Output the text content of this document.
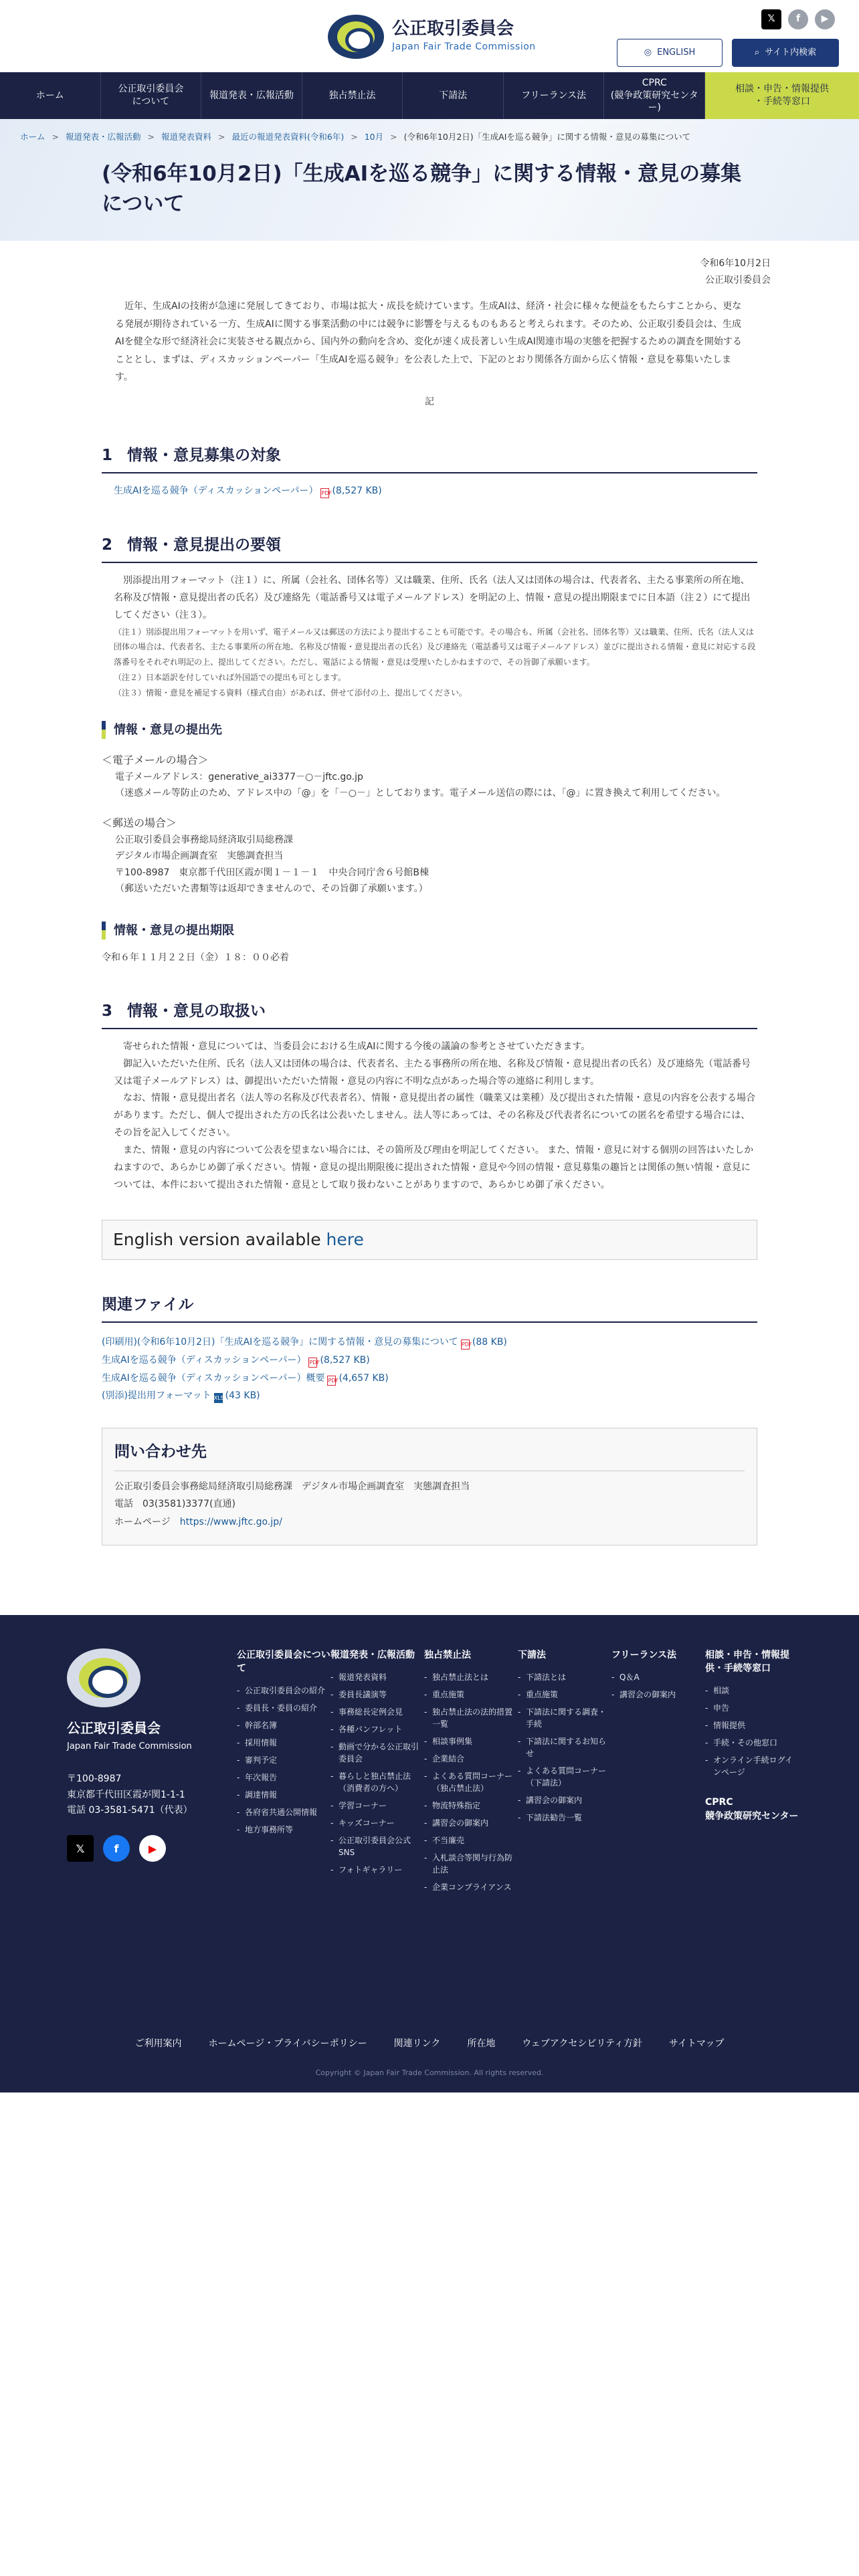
公正取引委員会
Japan Fair Trade Commission
𝕏	f	▶
◎ ENGLISH	⌕ サイト内検索
ホーム
公正取引委員会
について
報道発表・広報活動	独占禁止法	下請法	フリーランス法
CPRC
(競争政策研究センター)
相談・申告・情報提供
・手続等窓口
ホーム > 報道発表・広報活動 > 報道発表資料 > 最近の報道発表資料(令和6年) > 10月 > (令和6年10月2日)「生成AIを巡る競争」に関する情報・意見の募集について
(令和6年10月2日)「生成AIを巡る競争」に関する情報・意見の募集について
令和6年10月2日
公正取引委員会

近年、生成AIの技術が急速に発展してきており、市場は拡大・成長を続けています。生成AIは、経済・社会に様々な便益をもたらすことから、更なる発展が期待されている一方、生成AIに関する事業活動の中には競争に影響を与えるものもあると考えられます。そのため、公正取引委員会は、生成AIを健全な形で経済社会に実装させる観点から、国内外の動向を含め、変化が速く成長著しい生成AI関連市場の実態を把握するための調査を開始することとし、まずは、ディスカッションペーパー「生成AIを巡る競争」を公表した上で、下記のとおり関係各方面から広く情報・意見を募集いたします。

記
1 情報・意見募集の対象
生成AIを巡る競争（ディスカッションペーパー） PDF(8,527 KB)
2 情報・意見提出の要領

別添提出用フォーマット（注１）に、所属（会社名、団体名等）又は職業、住所、氏名（法人又は団体の場合は、代表者名、主たる事業所の所在地、名称及び情報・意見提出者の氏名）及び連絡先（電話番号又は電子メールアドレス）を明記の上、情報・意見の提出期限までに日本語（注２）にて提出してください（注３）。

（注１）別添提出用フォーマットを用いず、電子メール又は郵送の方法により提出することも可能です。その場合も、所属（会社名、団体名等）又は職業、住所、氏名（法人又は団体の場合は、代表者名、主たる事業所の所在地、名称及び情報・意見提出者の氏名）及び連絡先（電話番号又は電子メールアドレス）並びに提出される情報・意見に対応する段落番号をそれぞれ明記の上、提出してください。ただし、電話による情報・意見は受理いたしかねますので、その旨御了承願います。

（注２）日本語訳を付していれば外国語での提出も可とします。

（注３）情報・意見を補足する資料（様式自由）があれば、併せて添付の上、提出してください。

情報・意見の提出先
＜電子メールの場合＞

電子メールアドレス：generative_ai3377－○－jftc.go.jp

（迷惑メール等防止のため、アドレス中の「@」を「－○－」としております。電子メール送信の際には、「@」に置き換えて利用してください。

＜郵送の場合＞

公正取引委員会事務総局経済取引局総務課

デジタル市場企画調査室　実態調査担当

〒100-8987　東京都千代田区霞が関１－１－１　中央合同庁舎６号館B棟

（郵送いただいた書類等は返却できませんので、その旨御了承願います。）

情報・意見の提出期限

令和６年１１月２２日（金）１８：００必着

3 情報・意見の取扱い

寄せられた情報・意見については、当委員会における生成AIに関する今後の議論の参考とさせていただきます。

御記入いただいた住所、氏名（法人又は団体の場合は、代表者名、主たる事務所の所在地、名称及び情報・意見提出者の氏名）及び連絡先（電話番号又は電子メールアドレス）は、御提出いただいた情報・意見の内容に不明な点があった場合等の連絡に利用します。

なお、情報・意見提出者名（法人等の名称及び代表者名）、情報・意見提出者の属性（職業又は業種）及び提出された情報・意見の内容を公表する場合があります。ただし、個人で提出された方の氏名は公表いたしません。法人等にあっては、その名称及び代表者名についての匿名を希望する場合には、その旨を記入してください。

また、情報・意見の内容について公表を望まない場合には、その箇所及び理由を明記してください。 また、情報・意見に対する個別の回答はいたしかねますので、あらかじめ御了承ください。情報・意見の提出期限後に提出された情報・意見や今回の情報・意見募集の趣旨とは関係の無い情報・意見については、本件において提出された情報・意見として取り扱わないことがありますので、あらかじめ御了承ください。

English version available here
関連ファイル
(印刷用)(令和6年10月2日)「生成AIを巡る競争」に関する情報・意見の募集について PDF(88 KB)
生成AIを巡る競争（ディスカッションペーパー） PDF(8,527 KB)
生成AIを巡る競争（ディスカッションペーパー）概要 PDF(4,657 KB)
(別添)提出用フォーマット XLS (43 KB)
問い合わせ先

公正取引委員会事務総局経済取引局総務課　デジタル市場企画調査室　実態調査担当

電話　03(3581)3377(直通)

ホームページ　https://www.jftc.go.jp/

公正取引委員会
Japan Fair Trade Commission
〒100-8987
東京都千代田区霞が関1-1-1
電話 03-3581-5471（代表）
𝕏	f	▶
公正取引委員会について
- 公正取引委員会の紹介
- 委員長・委員の紹介
- 幹部名簿
- 採用情報
- 審判予定
- 年次報告
- 調達情報
- 各府省共通公開情報
- 地方事務所等
報道発表・広報活動
- 報道発表資料
- 委員長議演等
- 事務総長定例会見
- 各種パンフレット
- 動画で分かる公正取引委員会
- 暮らしと独占禁止法（消費者の方へ）
- 学習コーナー
- キッズコーナー
- 公正取引委員会公式SNS
- フォトギャラリー
独占禁止法
- 独占禁止法とは
- 重点施策
- 独占禁止法の法的措置一覧
- 相談事例集
- 企業結合
- よくある質問コーナー（独占禁止法）
- 物流特殊指定
- 講習会の御案内
- 不当廉売
- 入札談合等関与行為防止法
- 企業コンプライアンス
下請法
- 下請法とは
- 重点施策
- 下請法に関する調査・手続
- 下請法に関するお知らせ
- よくある質問コーナー（下請法）
- 講習会の御案内
- 下請法勧告一覧
フリーランス法
- Q＆A
- 講習会の御案内
相談・申告・情報提供・手続等窓口
- 相談
- 申告
- 情報提供
- 手続・その他窓口
- オンライン手続ログインページ
CPRC
競争政策研究センター
ご利用案内	ホームページ・プライバシーポリシー	関連リンク	所在地	ウェブアクセシビリティ方針	サイトマップ
Copyright © Japan Fair Trade Commission. All rights reserved.
